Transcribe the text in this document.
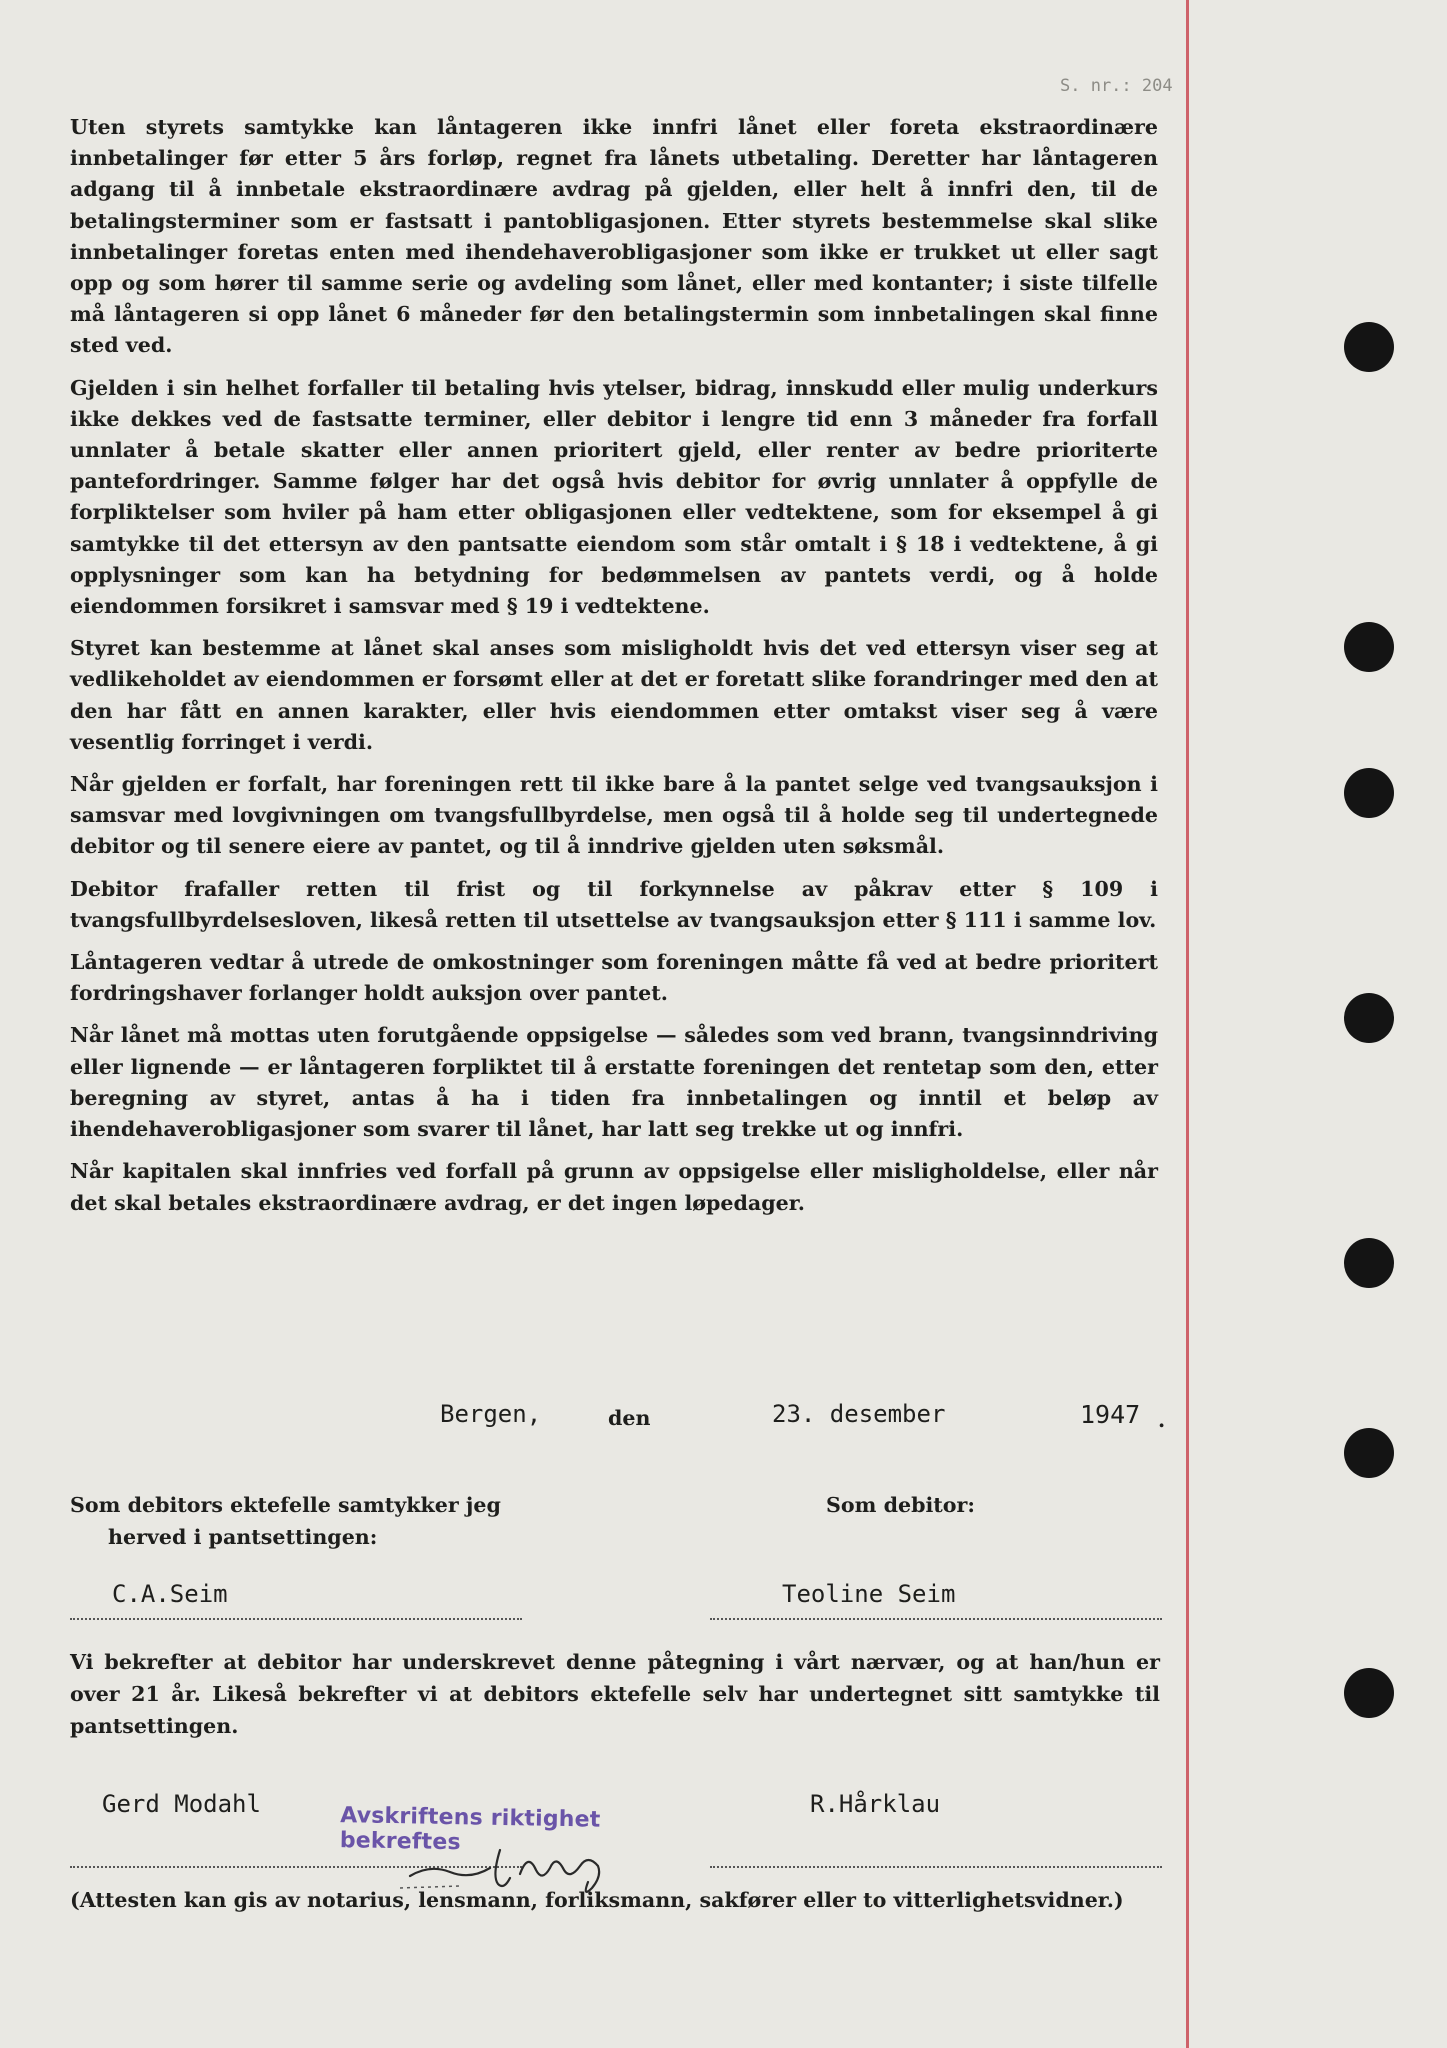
S. nr.: 204

Uten styrets samtykke kan låntageren ikke innfri lånet eller foreta ekstraordinære innbetalinger før etter 5 års forløp, regnet fra lånets utbetaling. Deretter har låntageren adgang til å innbetale ekstraordinære avdrag på gjelden, eller helt å innfri den, til de betalingsterminer som er fastsatt i pantobligasjonen. Etter styrets bestemmelse skal slike innbetalinger foretas enten med ihendehaverobligasjoner som ikke er trukket ut eller sagt opp og som hører til samme serie og avdeling som lånet, eller med kontanter; i siste tilfelle må låntageren si opp lånet 6 måneder før den betalingstermin som innbetalingen skal finne sted ved.

Gjelden i sin helhet forfaller til betaling hvis ytelser, bidrag, innskudd eller mulig underkurs ikke dekkes ved de fastsatte terminer, eller debitor i lengre tid enn 3 måneder fra forfall unnlater å betale skatter eller annen prioritert gjeld, eller renter av bedre prioriterte pantefordringer. Samme følger har det også hvis debitor for øvrig unnlater å oppfylle de forpliktelser som hviler på ham etter obligasjonen eller vedtektene, som for eksempel å gi samtykke til det ettersyn av den pantsatte eiendom som står omtalt i § 18 i vedtektene, å gi opplysninger som kan ha betydning for bedømmelsen av pantets verdi, og å holde eiendommen forsikret i samsvar med § 19 i vedtektene.

Styret kan bestemme at lånet skal anses som misligholdt hvis det ved ettersyn viser seg at vedlikeholdet av eiendommen er forsømt eller at det er foretatt slike forandringer med den at den har fått en annen karakter, eller hvis eiendommen etter omtakst viser seg å være vesentlig forringet i verdi.

Når gjelden er forfalt, har foreningen rett til ikke bare å la pantet selge ved tvangsauksjon i samsvar med lovgivningen om tvangsfullbyrdelse, men også til å holde seg til undertegnede debitor og til senere eiere av pantet, og til å inndrive gjelden uten søksmål.

Debitor frafaller retten til frist og til forkynnelse av påkrav etter § 109 i tvangsfullbyrdelsesloven, likeså retten til utsettelse av tvangsauksjon etter § 111 i samme lov.

Låntageren vedtar å utrede de omkostninger som foreningen måtte få ved at bedre prioritert fordringshaver forlanger holdt auksjon over pantet.

Når lånet må mottas uten forutgående oppsigelse — således som ved brann, tvangsinndriving eller lignende — er låntageren forpliktet til å erstatte foreningen det rentetap som den, etter beregning av styret, antas å ha i tiden fra innbetalingen og inntil et beløp av ihendehaverobligasjoner som svarer til lånet, har latt seg trekke ut og innfri.

Når kapitalen skal innfries ved forfall på grunn av oppsigelse eller misligholdelse, eller når det skal betales ekstraordinære avdrag, er det ingen løpedager.

Bergen,	den	23. desember	1947 .
Som debitors ektefelle samtykker jeg
herved i pantsettingen:
Som debitor:
C.A.Seim	Teoline Seim
Vi bekrefter at debitor har underskrevet denne påtegning i vårt nærvær, og at han/hun er over 21 år. Likeså bekrefter vi at debitors ektefelle selv har undertegnet sitt samtykke til pantsettingen.
Gerd Modahl	R.Hårklau
Avskriftens riktighet bekreftes
(Attesten kan gis av notarius, lensmann, forliksmann, sakfører eller to vitterlighetsvidner.)
